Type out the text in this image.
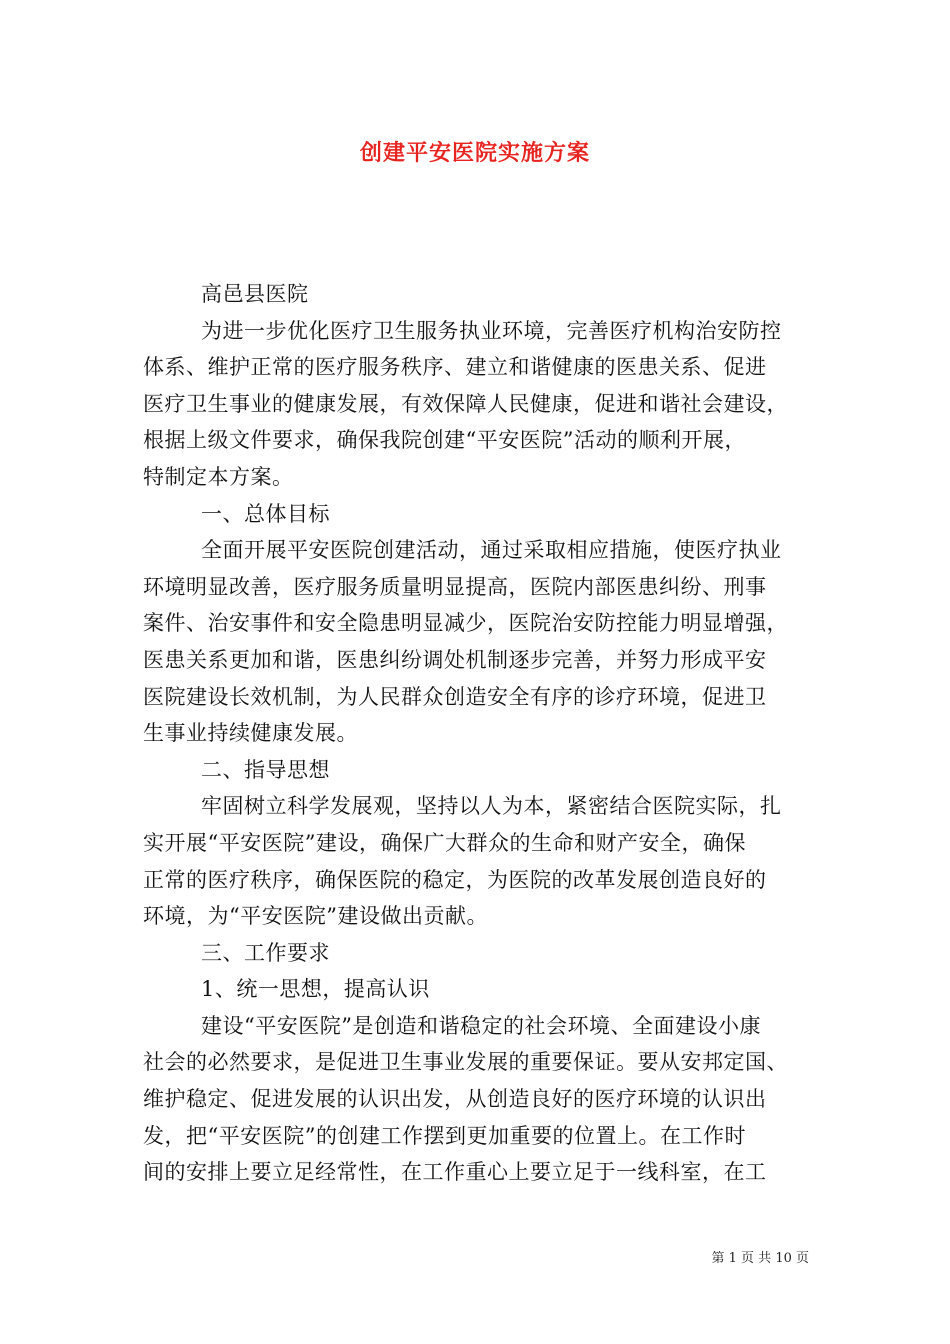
创建平安医院实施方案
高邑县医院
为进一步优化医疗卫生服务执业环境，完善医疗机构治安防控
体系、维护正常的医疗服务秩序、建立和谐健康的医患关系、促进
医疗卫生事业的健康发展，有效保障人民健康，促进和谐社会建设，
根据上级文件要求，确保我院创建“平安医院”活动的顺利开展，
特制定本方案。
一、总体目标
全面开展平安医院创建活动，通过采取相应措施，使医疗执业
环境明显改善，医疗服务质量明显提高，医院内部医患纠纷、刑事
案件、治安事件和安全隐患明显减少，医院治安防控能力明显增强，
医患关系更加和谐，医患纠纷调处机制逐步完善，并努力形成平安
医院建设长效机制，为人民群众创造安全有序的诊疗环境，促进卫
生事业持续健康发展。
二、指导思想
牢固树立科学发展观，坚持以人为本，紧密结合医院实际，扎
实开展“平安医院”建设，确保广大群众的生命和财产安全，确保
正常的医疗秩序，确保医院的稳定，为医院的改革发展创造良好的
环境，为“平安医院”建设做出贡献。
三、工作要求
1、统一思想，提高认识
建设“平安医院”是创造和谐稳定的社会环境、全面建设小康
社会的必然要求，是促进卫生事业发展的重要保证。要从安邦定国、
维护稳定、促进发展的认识出发，从创造良好的医疗环境的认识出
发，把“平安医院”的创建工作摆到更加重要的位置上。在工作时
间的安排上要立足经常性，在工作重心上要立足于一线科室，在工
第 1 页 共 10 页
